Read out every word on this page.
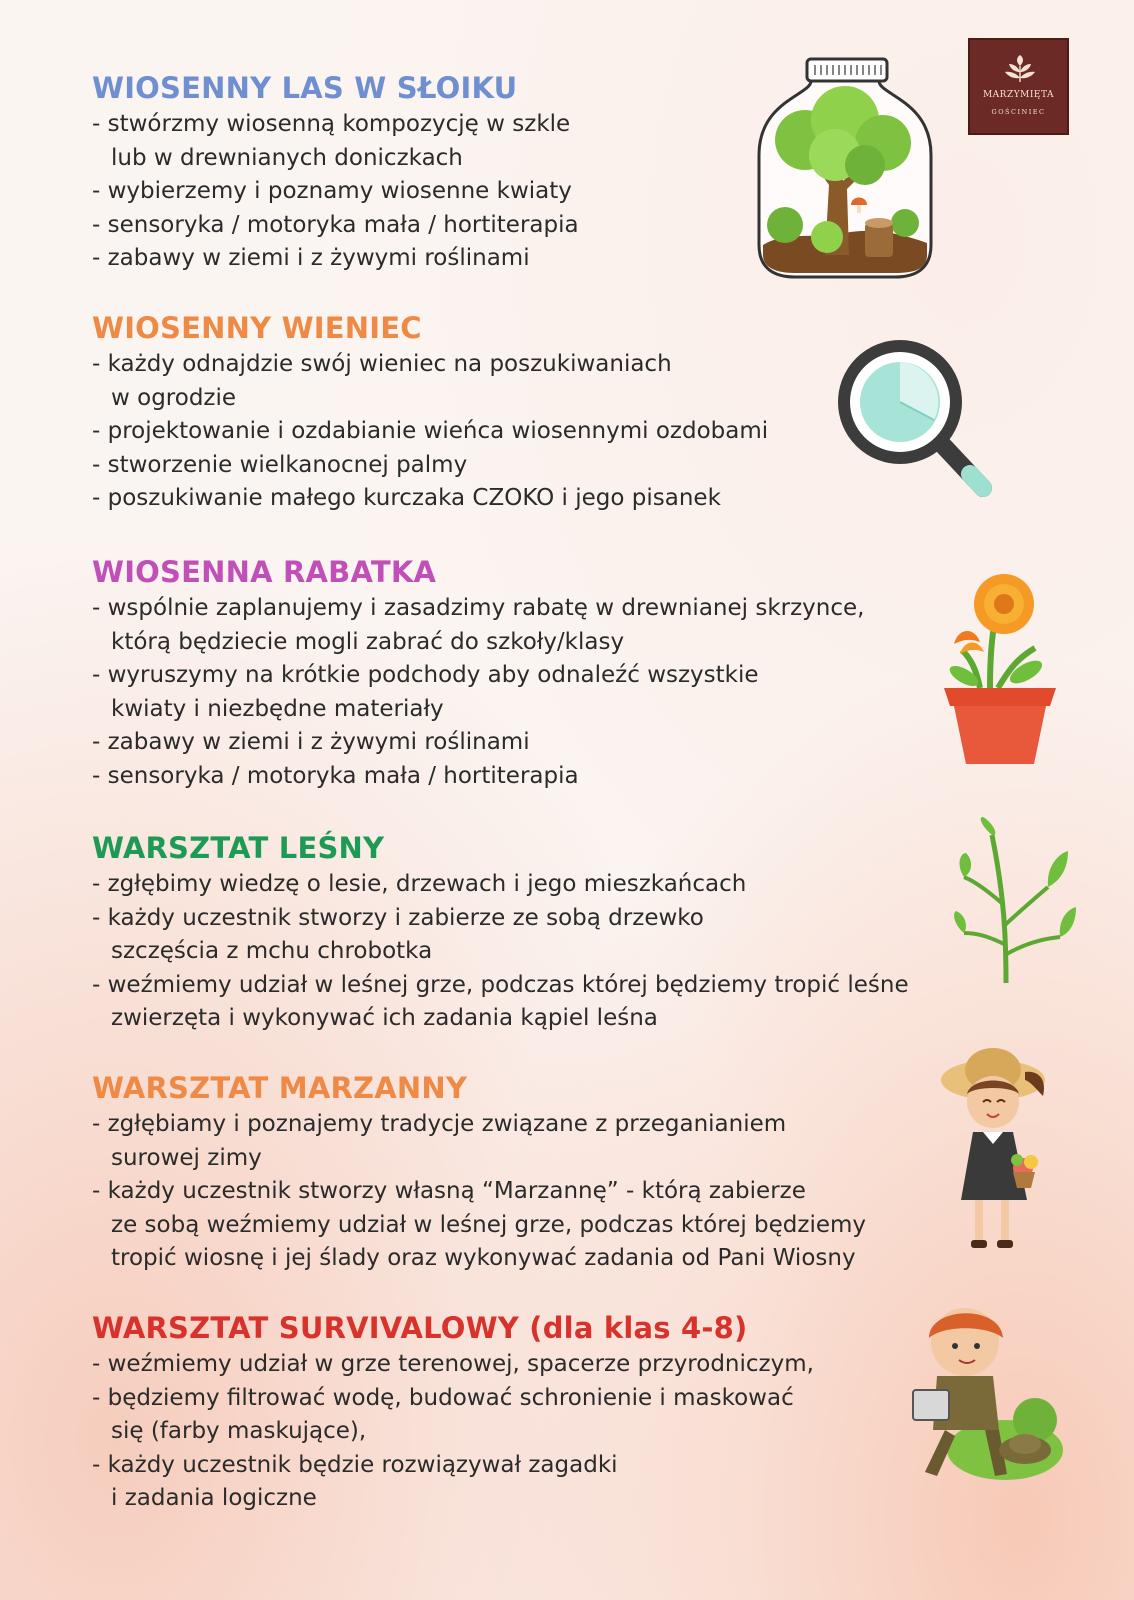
MARZYMIĘTA
GOŚCINIEC
WIOSENNY LAS W SŁOIKU
- stwórzmy wiosenną kompozycję w szkle
lub w drewnianych doniczkach
- wybierzemy i poznamy wiosenne kwiaty
- sensoryka / motoryka mała / hortiterapia
- zabawy w ziemi i z żywymi roślinami
WIOSENNY WIENIEC
- każdy odnajdzie swój wieniec na poszukiwaniach
w ogrodzie
- projektowanie i ozdabianie wieńca wiosennymi ozdobami
- stworzenie wielkanocnej palmy
- poszukiwanie małego kurczaka CZOKO i jego pisanek
WIOSENNA RABATKA
- wspólnie zaplanujemy i zasadzimy rabatę w drewnianej skrzynce,
którą będziecie mogli zabrać do szkoły/klasy
- wyruszymy na krótkie podchody aby odnaleźć wszystkie
kwiaty i niezbędne materiały
- zabawy w ziemi i z żywymi roślinami
- sensoryka / motoryka mała / hortiterapia
WARSZTAT LEŚNY
- zgłębimy wiedzę o lesie, drzewach i jego mieszkańcach
- każdy uczestnik stworzy i zabierze ze sobą drzewko
szczęścia z mchu chrobotka
- weźmiemy udział w leśnej grze, podczas której będziemy tropić leśne
zwierzęta i wykonywać ich zadania kąpiel leśna
WARSZTAT MARZANNY
- zgłębiamy i poznajemy tradycje związane z przeganianiem
surowej zimy
- każdy uczestnik stworzy własną “Marzannę” - którą zabierze
ze sobą weźmiemy udział w leśnej grze, podczas której będziemy
tropić wiosnę i jej ślady oraz wykonywać zadania od Pani Wiosny
WARSZTAT SURVIVALOWY (dla klas 4-8)
- weźmiemy udział w grze terenowej, spacerze przyrodniczym,
- będziemy filtrować wodę, budować schronienie i maskować
się (farby maskujące),
- każdy uczestnik będzie rozwiązywał zagadki
i zadania logiczne
